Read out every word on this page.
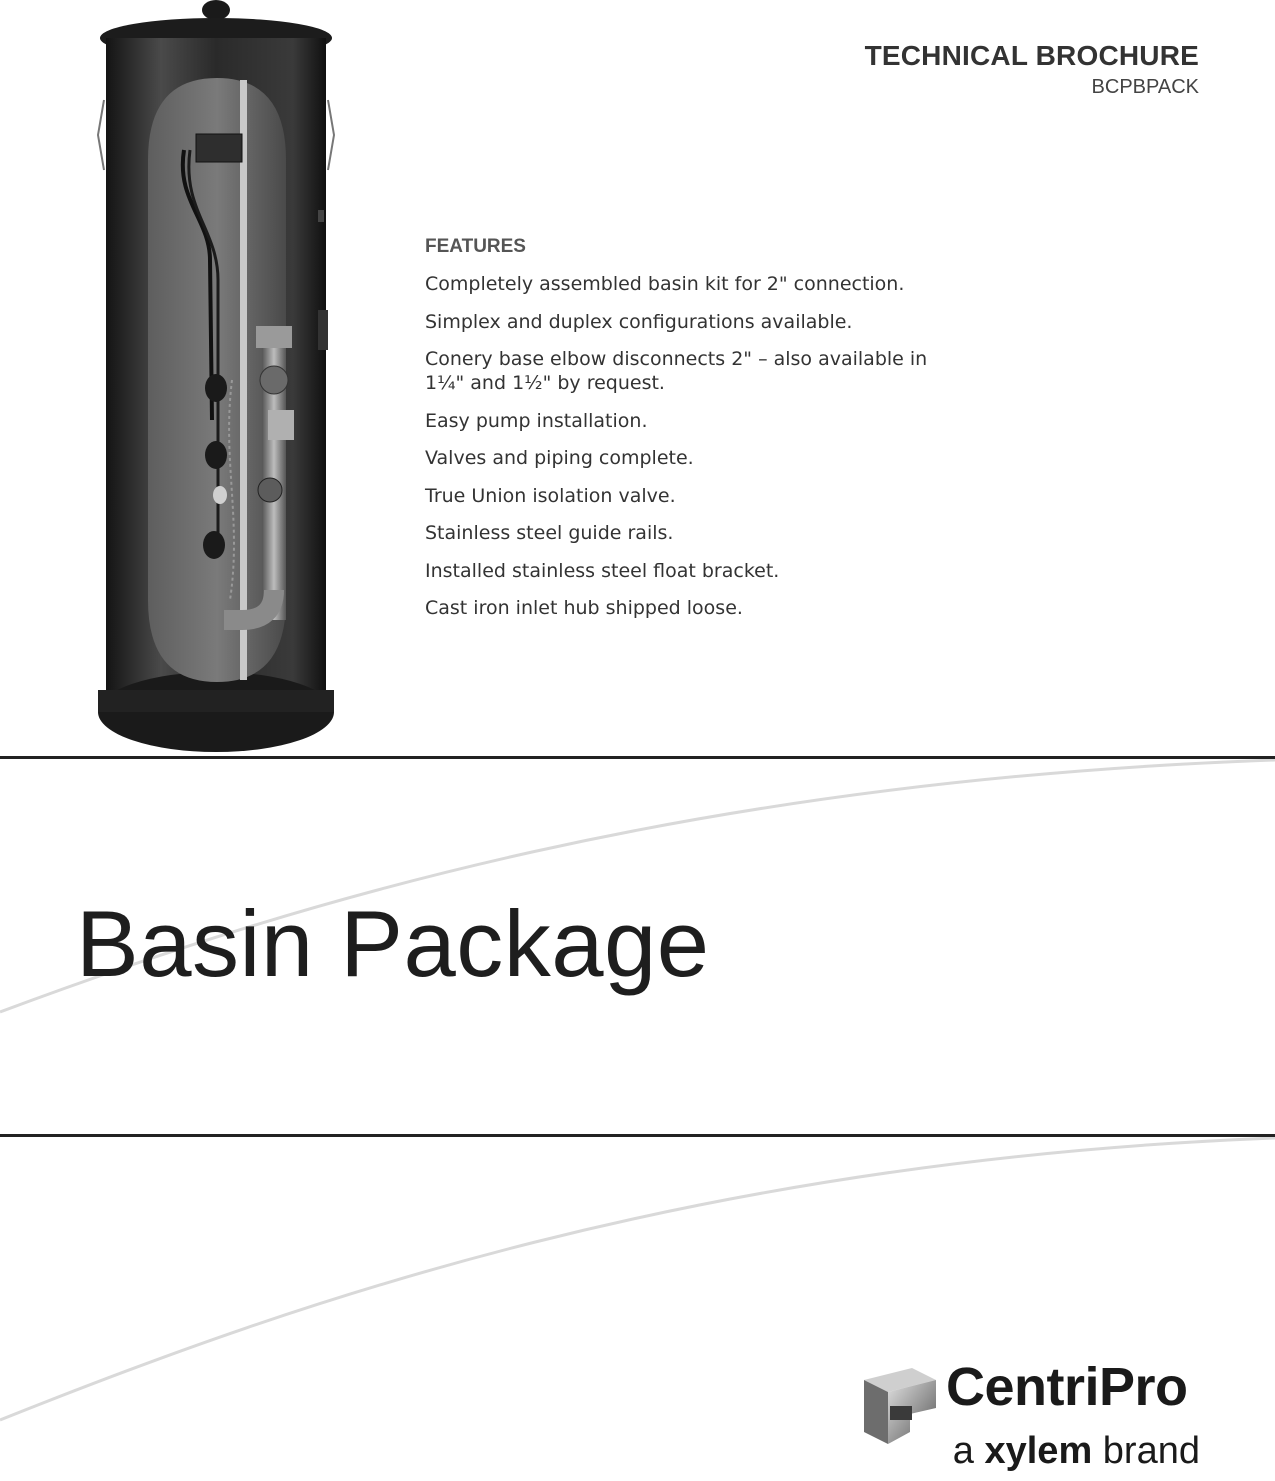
TECHNICAL BROCHURE
BCPBPACK
FEATURES
Completely assembled basin kit for 2" connection.
Simplex and duplex configurations available.
Conery base elbow disconnects 2" – also available in 1¼" and 1½" by request.
Easy pump installation.
Valves and piping complete.
True Union isolation valve.
Stainless steel guide rails.
Installed stainless steel float bracket.
Cast iron inlet hub shipped loose.
Basin Package
CentriPro
a xylem brand
